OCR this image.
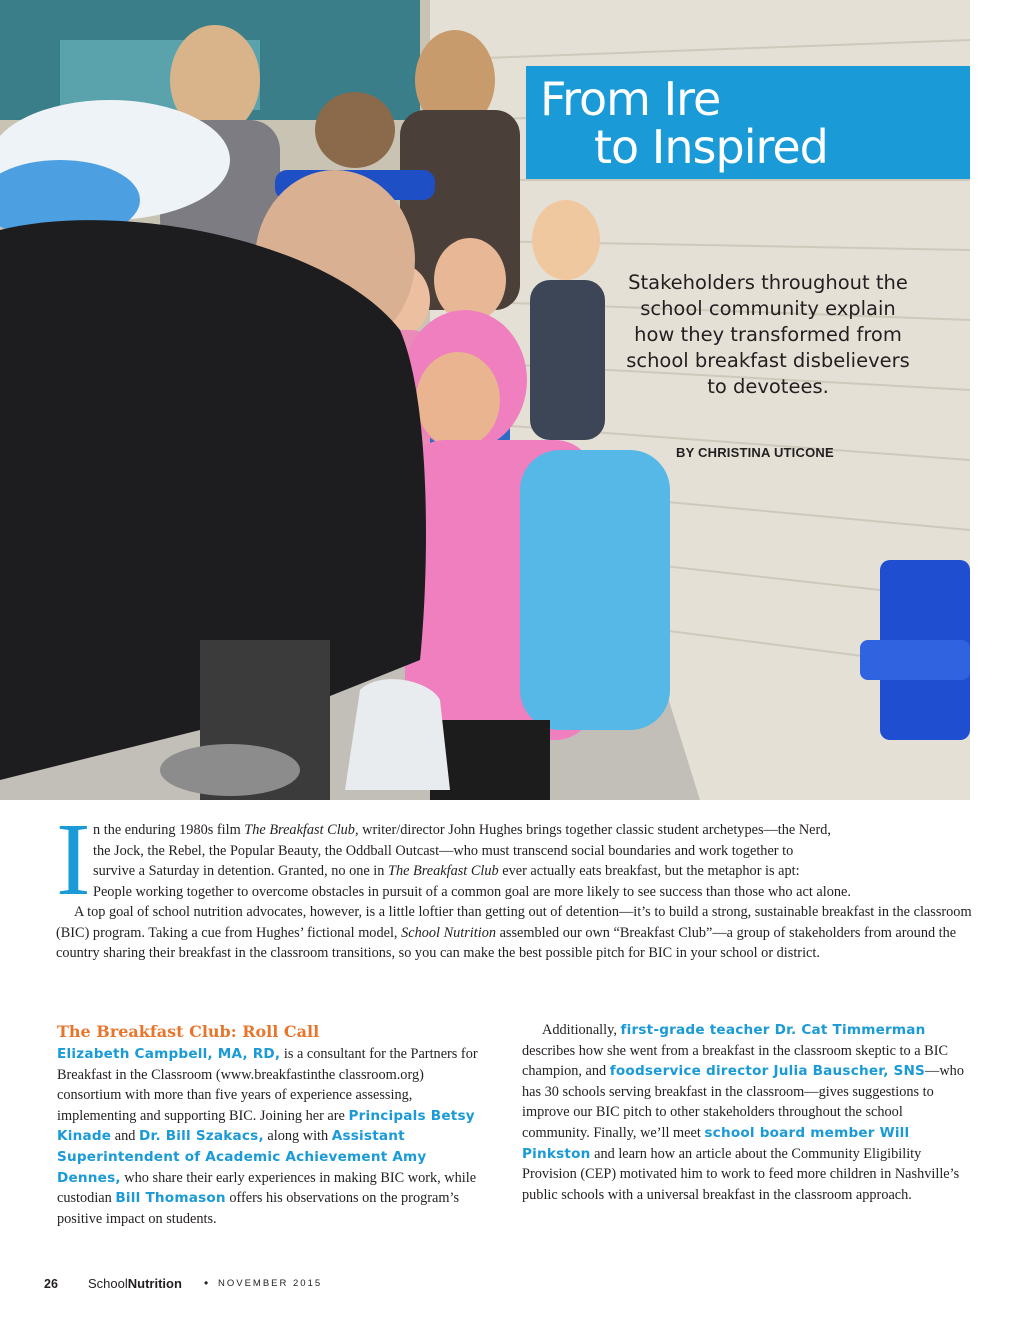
From Ire
to Inspired
Stakeholders throughout the
school community explain
how they transformed from
school breakfast disbelievers
to devotees.
BY CHRISTINA UTICONE
I n the enduring 1980s film The Breakfast Club, writer/director John Hughes brings together classic student archetypes—the Nerd,
the Jock, the Rebel, the Popular Beauty, the Oddball Outcast—who must transcend social boundaries and work together to
survive a Saturday in detention. Granted, no one in The Breakfast Club ever actually eats breakfast, but the metaphor is apt:
People working together to overcome obstacles in pursuit of a common goal are more likely to see success than those who act alone.
A top goal of school nutrition advocates, however, is a little loftier than getting out of detention—it’s to build a strong, sustainable breakfast in the classroom (BIC) program. Taking a cue from Hughes’ fictional model, School Nutrition assembled our own “Breakfast Club”—a group of stakeholders from around the country sharing their breakfast in the classroom transitions, so you can make the best possible pitch for BIC in your school or district.
The Breakfast Club: Roll Call
Elizabeth Campbell, MA, RD, is a consultant for the Partners for Breakfast in the Classroom (www.breakfastinthe classroom.org) consortium with more than five years of experience assessing, implementing and supporting BIC. Joining her are Principals Betsy Kinade and Dr. Bill Szakacs, along with Assistant Superintendent of Academic Achievement Amy Dennes, who share their early experiences in making BIC work, while custodian Bill Thomason offers his observations on the program’s positive impact on students.
Additionally, first-grade teacher Dr. Cat Timmerman describes how she went from a breakfast in the classroom skeptic to a BIC champion, and foodservice director Julia Bauscher, SNS—who has 30 schools serving breakfast in the classroom—gives suggestions to improve our BIC pitch to other stakeholders throughout the school community. Finally, we’ll meet school board member Will Pinkston and learn how an article about the Community Eligibility Provision (CEP) motivated him to work to feed more children in Nashville’s public schools with a universal breakfast in the classroom approach.
26 SchoolNutrition • NOVEMBER 2015
